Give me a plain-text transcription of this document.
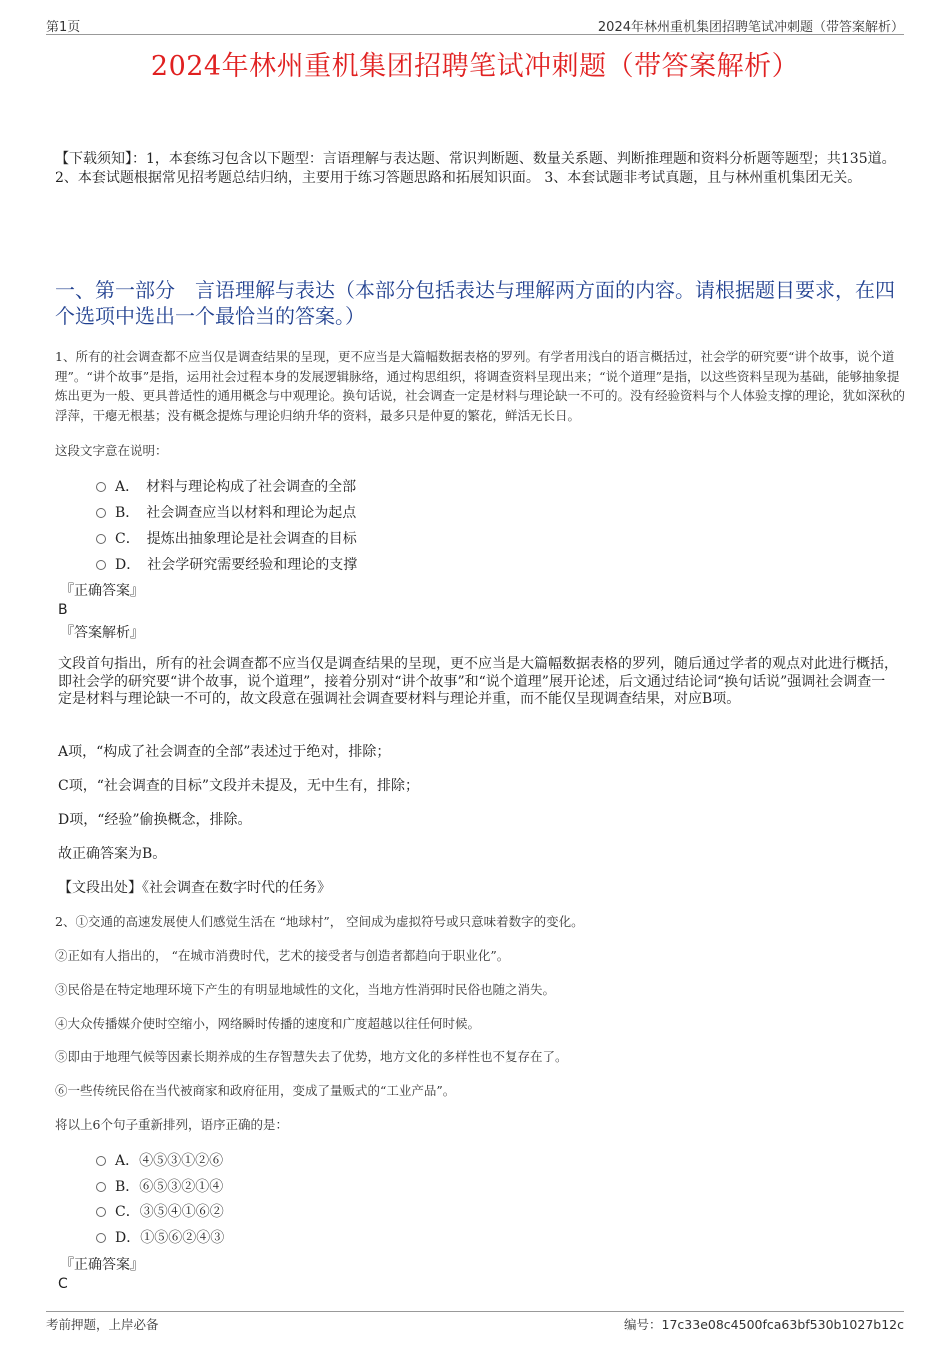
第1页	2024年林州重机集团招聘笔试冲刺题（带答案解析）
2024年林州重机集团招聘笔试冲刺题（带答案解析）
【下载须知】：1，本套练习包含以下题型：言语理解与表达题、常识判断题、数量关系题、判断推理题和资料分析题等题型；共135道。 2、本套试题根据常见招考题总结归纳，主要用于练习答题思路和拓展知识面。 3、本套试题非考试真题，且与林州重机集团无关。
一、第一部分　言语理解与表达（本部分包括表达与理解两方面的内容。请根据题目要求，在四个选项中选出一个最恰当的答案。）
1、所有的社会调查都不应当仅是调查结果的呈现，更不应当是大篇幅数据表格的罗列。有学者用浅白的语言概括过，社会学的研究要“讲个故事，说个道理”。“讲个故事”是指，运用社会过程本身的发展逻辑脉络，通过构思组织，将调查资料呈现出来；“说个道理”是指，以这些资料呈现为基础，能够抽象提炼出更为一般、更具普适性的通用概念与中观理论。换句话说，社会调查一定是材料与理论缺一不可的。没有经验资料与个人体验支撑的理论，犹如深秋的浮萍，干瘪无根基；没有概念提炼与理论归纳升华的资料，最多只是仲夏的繁花，鲜活无长日。
这段文字意在说明：
A．　材料与理论构成了社会调查的全部
B．　社会调查应当以材料和理论为起点
C．　提炼出抽象理论是社会调查的目标
D．　社会学研究需要经验和理论的支撑
『正确答案』
B
『答案解析』
文段首句指出，所有的社会调查都不应当仅是调查结果的呈现，更不应当是大篇幅数据表格的罗列，随后通过学者的观点对此进行概括，即社会学的研究要“讲个故事，说个道理”，接着分别对“讲个故事”和“说个道理”展开论述，后文通过结论词“换句话说”强调社会调查一定是材料与理论缺一不可的，故文段意在强调社会调查要材料与理论并重，而不能仅呈现调查结果，对应B项。
A项，“构成了社会调查的全部”表述过于绝对，排除；
C项，“社会调查的目标”文段并未提及，无中生有，排除；
D项，“经验”偷换概念，排除。
故正确答案为B。
【文段出处】《社会调查在数字时代的任务》
2、①交通的高速发展使人们感觉生活在 “地球村”， 空间成为虚拟符号或只意味着数字的变化。
②正如有人指出的， “在城市消费时代，艺术的接受者与创造者都趋向于职业化”。
③民俗是在特定地理环境下产生的有明显地域性的文化，当地方性消弭时民俗也随之消失。
④大众传播媒介使时空缩小，网络瞬时传播的速度和广度超越以往任何时候。
⑤即由于地理气候等因素长期养成的生存智慧失去了优势，地方文化的多样性也不复存在了。
⑥一些传统民俗在当代被商家和政府征用，变成了量贩式的“工业产品”。
将以上6个句子重新排列，语序正确的是：
A．④⑤③①②⑥
B．⑥⑤③②①④
C．③⑤④①⑥②
D．①⑤⑥②④③
『正确答案』
C
考前押题，上岸必备	编号：17c33e08c4500fca63bf530b1027b12c
